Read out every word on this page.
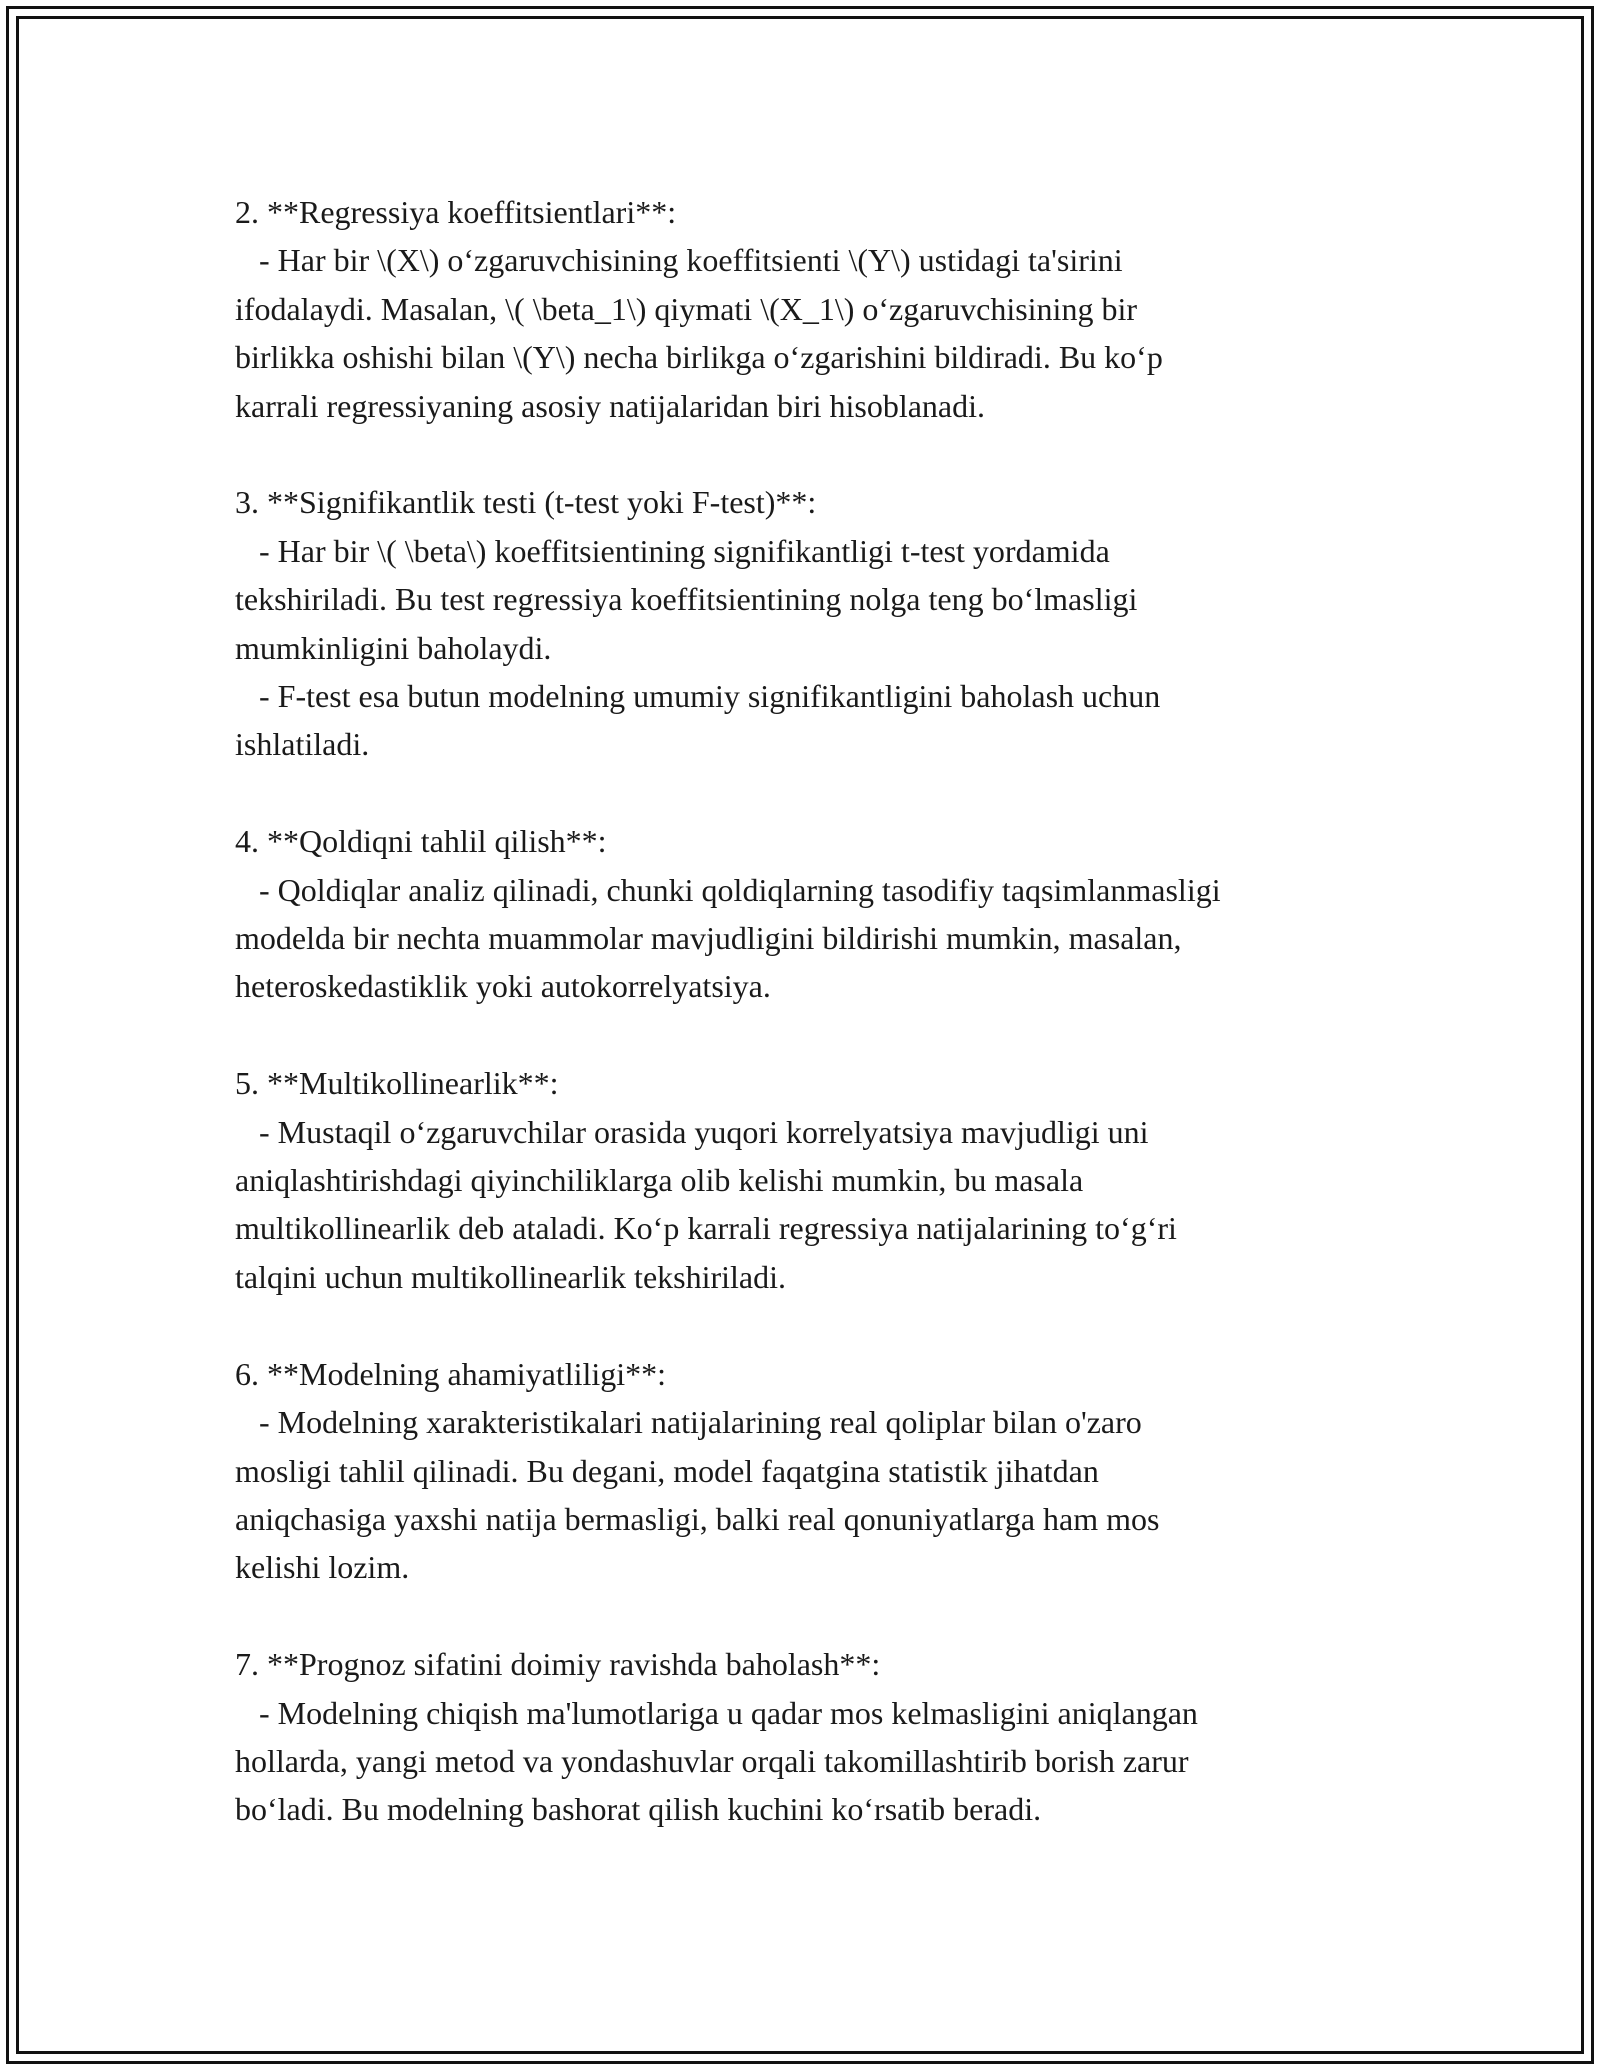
2. **Regressiya koeffitsientlari**:
- Har bir \(X\) o‘zgaruvchisining koeffitsienti \(Y\) ustidagi ta'sirini
ifodalaydi. Masalan, \( \beta_1\) qiymati \(X_1\) o‘zgaruvchisining bir
birlikka oshishi bilan \(Y\) necha birlikga o‘zgarishini bildiradi. Bu ko‘p
karrali regressiyaning asosiy natijalaridan biri hisoblanadi.
3. **Signifikantlik testi (t-test yoki F-test)**:
- Har bir \( \beta\) koeffitsientining signifikantligi t-test yordamida
tekshiriladi. Bu test regressiya koeffitsientining nolga teng bo‘lmasligi
mumkinligini baholaydi.
- F-test esa butun modelning umumiy signifikantligini baholash uchun
ishlatiladi.
4. **Qoldiqni tahlil qilish**:
- Qoldiqlar analiz qilinadi, chunki qoldiqlarning tasodifiy taqsimlanmasligi
modelda bir nechta muammolar mavjudligini bildirishi mumkin, masalan,
heteroskedastiklik yoki autokorrelyatsiya.
5. **Multikollinearlik**:
- Mustaqil o‘zgaruvchilar orasida yuqori korrelyatsiya mavjudligi uni
aniqlashtirishdagi qiyinchiliklarga olib kelishi mumkin, bu masala
multikollinearlik deb ataladi. Ko‘p karrali regressiya natijalarining to‘g‘ri
talqini uchun multikollinearlik tekshiriladi.
6. **Modelning ahamiyatliligi**:
- Modelning xarakteristikalari natijalarining real qoliplar bilan o'zaro
mosligi tahlil qilinadi. Bu degani, model faqatgina statistik jihatdan
aniqchasiga yaxshi natija bermasligi, balki real qonuniyatlarga ham mos
kelishi lozim.
7. **Prognoz sifatini doimiy ravishda baholash**:
- Modelning chiqish ma'lumotlariga u qadar mos kelmasligini aniqlangan
hollarda, yangi metod va yondashuvlar orqali takomillashtirib borish zarur
bo‘ladi. Bu modelning bashorat qilish kuchini ko‘rsatib beradi.
